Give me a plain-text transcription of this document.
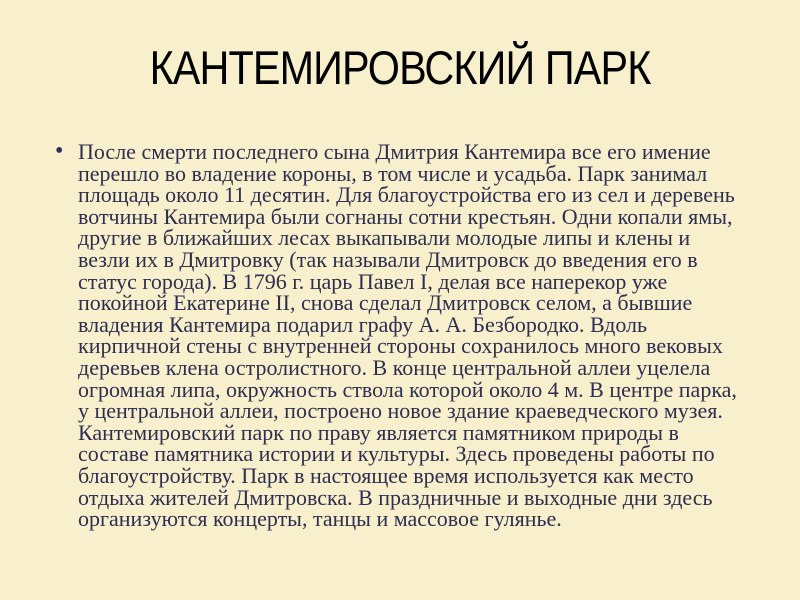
КАНТЕМИРОВСКИЙ ПАРК
• После смерти последнего сына Дмитрия Кантемира все его имение
перешло во владение короны, в том числе и усадьба. Парк занимал
площадь около 11 десятин. Для благоустройства его из сел и деревень
вотчины Кантемира были согнаны сотни крестьян. Одни копали ямы,
другие в ближайших лесах выкапывали молодые липы и клены и
везли их в Дмитровку (так называли Дмитровск до введения его в
статус города). В 1796 г. царь Павел I, делая все наперекор уже
покойной Екатерине II, снова сделал Дмитровск селом, а бывшие
владения Кантемира подарил графу А. А. Безбородко. Вдоль
кирпичной стены с внутренней стороны сохранилось много вековых
деревьев клена остролистного. В конце центральной аллеи уцелела
огромная липа, окружность ствола которой около 4 м. В центре парка,
у центральной аллеи, построено новое здание краеведческого музея.
Кантемировский парк по праву является памятником природы в
составе памятника истории и культуры. Здесь проведены работы по
благоустройству. Парк в настоящее время используется как место
отдыха жителей Дмитровска. В праздничные и выходные дни здесь
организуются концерты, танцы и массовое гулянье.
